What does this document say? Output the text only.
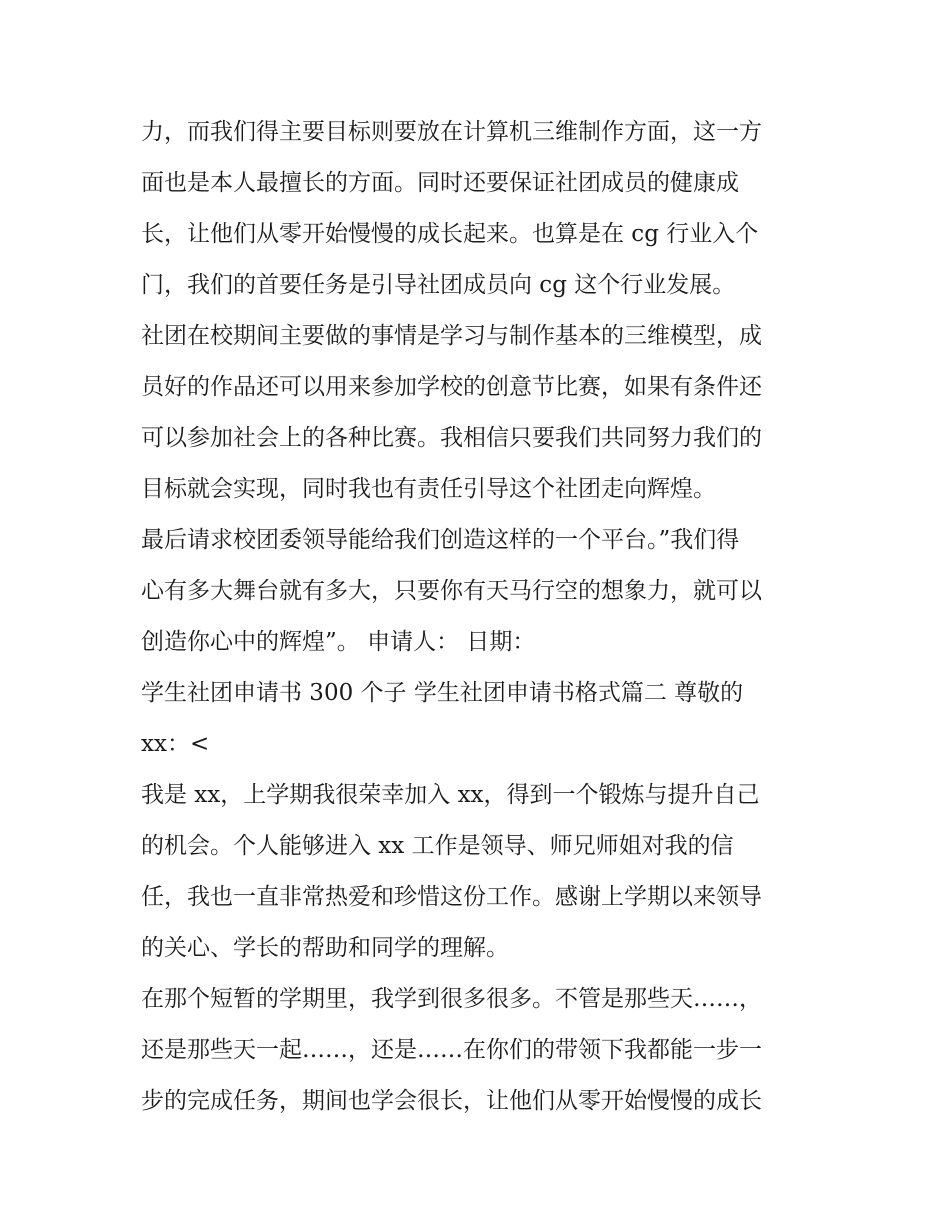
力，而我们得主要目标则要放在计算机三维制作方面，这一方
面也是本人最擅长的方面。同时还要保证社团成员的健康成
长，让他们从零开始慢慢的成长起来。也算是在 cg 行业入个
门，我们的首要任务是引导社团成员向 cg 这个行业发展。
社团在校期间主要做的事情是学习与制作基本的三维模型，成
员好的作品还可以用来参加学校的创意节比赛，如果有条件还
可以参加社会上的各种比赛。我相信只要我们共同努力我们的
目标就会实现，同时我也有责任引导这个社团走向辉煌。
最后请求校团委领导能给我们创造这样的一个平台。”我们得
心有多大舞台就有多大，只要你有天马行空的想象力，就可以
创造你心中的辉煌”。 申请人： 日期：
学生社团申请书 300 个子 学生社团申请书格式篇二 尊敬的
xx：<
我是 xx，上学期我很荣幸加入 xx，得到一个锻炼与提升自己
的机会。个人能够进入 xx 工作是领导、师兄师姐对我的信
任，我也一直非常热爱和珍惜这份工作。感谢上学期以来领导
的关心、学长的帮助和同学的理解。
在那个短暂的学期里，我学到很多很多。不管是那些天……，
还是那些天一起……，还是……在你们的带领下我都能一步一
步的完成任务，期间也学会很长，让他们从零开始慢慢的成长
